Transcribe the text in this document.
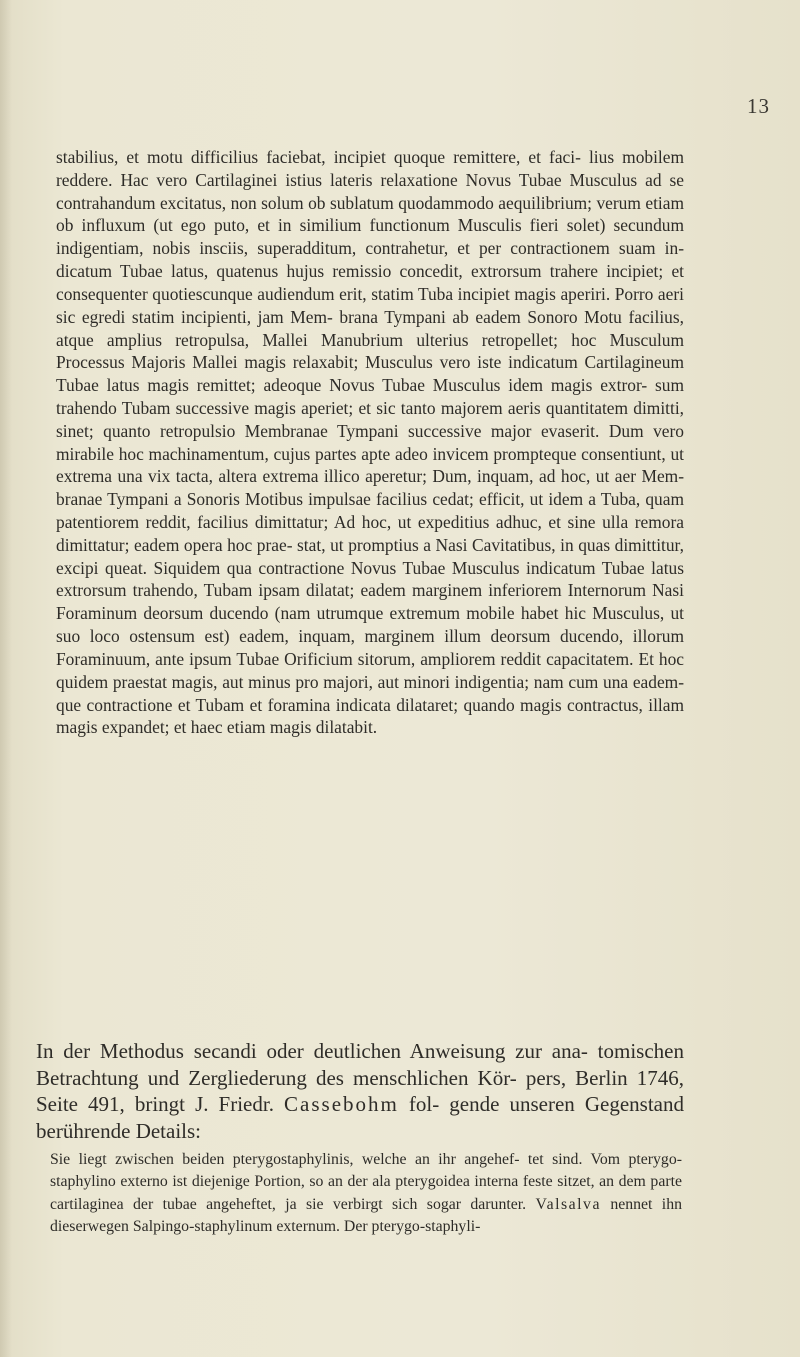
13

stabilius, et motu difficilius faciebat, incipiet quoque remittere, et faci- lius mobilem reddere. Hac vero Cartilaginei istius lateris relaxatione Novus Tubae Musculus ad se contrahandum excitatus, non solum ob sublatum quodammodo aequilibrium; verum etiam ob influxum (ut ego puto, et in similium functionum Musculis fieri solet) secundum indigentiam, nobis insciis, superadditum, contrahetur, et per contractionem suam in- dicatum Tubae latus, quatenus hujus remissio concedit, extrorsum trahere incipiet; et consequenter quotiescunque audiendum erit, statim Tuba incipiet magis aperiri. Porro aeri sic egredi statim incipienti, jam Mem- brana Tympani ab eadem Sonoro Motu facilius, atque amplius retropulsa, Mallei Manubrium ulterius retropellet; hoc Musculum Processus Majoris Mallei magis relaxabit; Musculus vero iste indicatum Cartilagineum Tubae latus magis remittet; adeoque Novus Tubae Musculus idem magis extror- sum trahendo Tubam successive magis aperiet; et sic tanto majorem aeris quantitatem dimitti, sinet; quanto retropulsio Membranae Tympani successive major evaserit. Dum vero mirabile hoc machinamentum, cujus partes apte adeo invicem prompteque consentiunt, ut extrema una vix tacta, altera extrema illico aperetur; Dum, inquam, ad hoc, ut aer Mem- branae Tympani a Sonoris Motibus impulsae facilius cedat; efficit, ut idem a Tuba, quam patentiorem reddit, facilius dimittatur; Ad hoc, ut expeditius adhuc, et sine ulla remora dimittatur; eadem opera hoc prae- stat, ut promptius a Nasi Cavitatibus, in quas dimittitur, excipi queat. Siquidem qua contractione Novus Tubae Musculus indicatum Tubae latus extrorsum trahendo, Tubam ipsam dilatat; eadem marginem inferiorem Internorum Nasi Foraminum deorsum ducendo (nam utrumque extremum mobile habet hic Musculus, ut suo loco ostensum est) eadem, inquam, marginem illum deorsum ducendo, illorum Foraminuum, ante ipsum Tubae Orificium sitorum, ampliorem reddit capacitatem. Et hoc quidem praestat magis, aut minus pro majori, aut minori indigentia; nam cum una eadem- que contractione et Tubam et foramina indicata dilataret; quando magis contractus, illam magis expandet; et haec etiam magis dilatabit.

In der Methodus secandi oder deutlichen Anweisung zur ana- tomischen Betrachtung und Zergliederung des menschlichen Kör- pers, Berlin 1746, Seite 491, bringt J. Friedr. Cassebohm fol- gende unseren Gegenstand berührende Details:

Sie liegt zwischen beiden pterygostaphylinis, welche an ihr angehef- tet sind. Vom pterygo-staphylino externo ist diejenige Portion, so an der ala pterygoidea interna feste sitzet, an dem parte cartilaginea der tubae angeheftet, ja sie verbirgt sich sogar darunter. Valsalva nennet ihn dieserwegen Salpingo-staphylinum externum. Der pterygo-staphyli-
